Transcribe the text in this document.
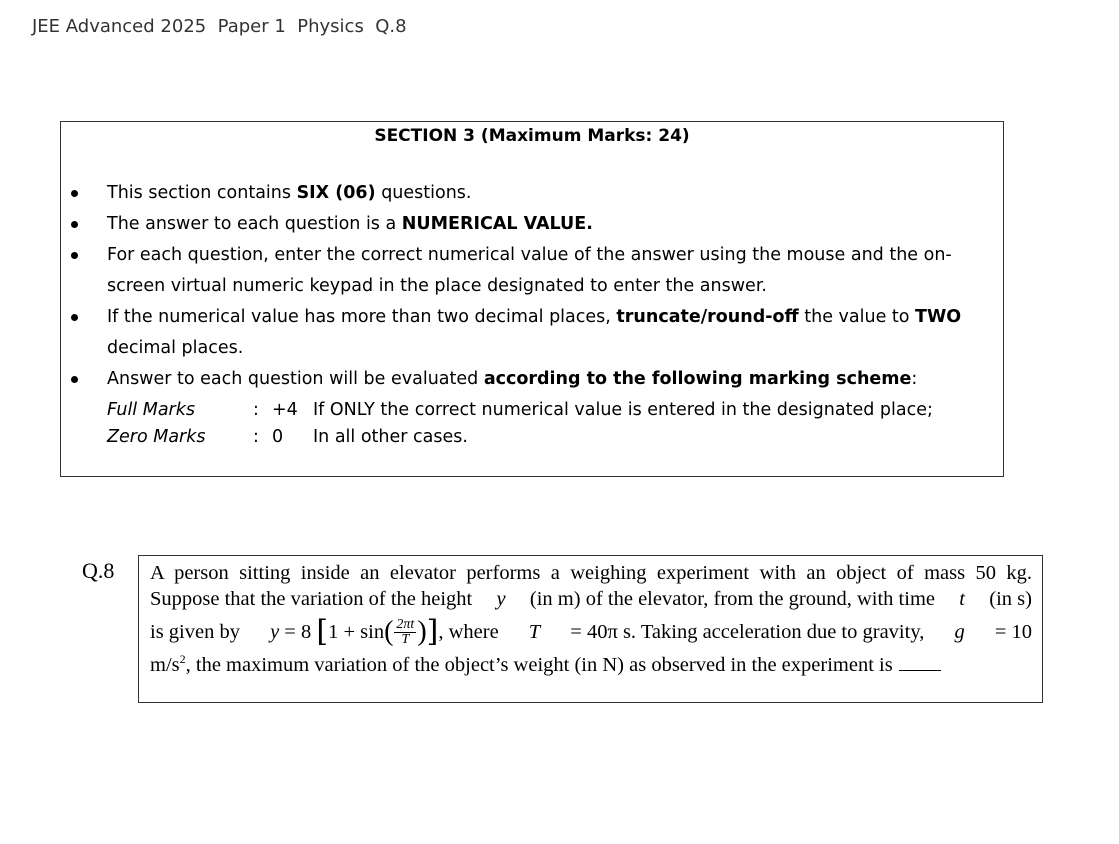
JEE Advanced 2025  Paper 1  Physics  Q.8
SECTION 3 (Maximum Marks: 24)
This section contains SIX (06) questions.
The answer to each question is a NUMERICAL VALUE.
For each question, enter the correct numerical value of the answer using the mouse and the on-screen virtual numeric keypad in the place designated to enter the answer.
If the numerical value has more than two decimal places, truncate/round-off the value to TWO decimal places.
Answer to each question will be evaluated according to the following marking scheme:
Full Marks	: +4 If ONLY the correct numerical value is entered in the designated place;
Zero Marks	: 0 In all other cases.
Q.8 A person sitting inside an elevator performs a weighing experiment with an object of mass 50 kg.
Suppose that the variation of the height y (in m) of the elevator, from the ground, with time t (in s)
is given by y
= 8
[ 1 + sin ( $\frac{2\pi t}{T}$ ) ] , where T = 40π s. Taking acceleration due to gravity, g = 10
$m/s^2$, the maximum variation of the object’s weight (in N) as observed in the experiment is
